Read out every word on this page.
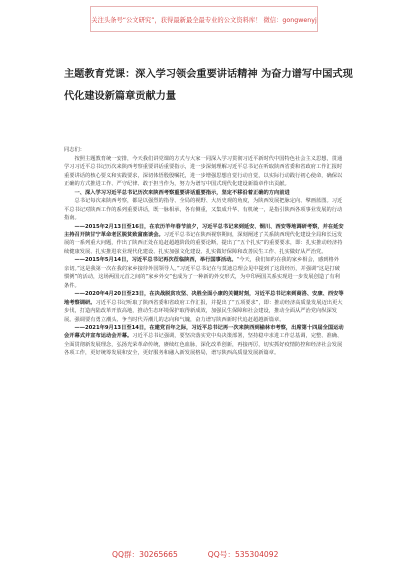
关注头条号“公文研究”，获得最新最全最专业的公文资料库！ 微信：gongwenyj
主题教育党课：深入学习领会重要讲话精神 为奋力谱写中国式现代化建设新篇章贡献力量

同志们：

按照主题教育统一安排，今天我们讲党课的方式与大家一同深入学习贯彻习近平新时代中国特色社会主义思想，贯通学习习近平总书记历次来陕西考察重要讲话重要指示，进一步深刻理解习近平总书记在听取陕西省委和省政府工作汇报时重要讲话的核心要义和实践要求，深切体悟殷殷嘱托，进一步增强思想自觉行动自觉，以实际行动践行初心使命，确保以正确的方式推进工作、严守纪律、敢于担当作为，努力为谱写中国式现代化建设新篇章作出贡献。

一、深入学习习近平总书记历次来陕西考察重要讲话重要指示，坚定不移沿着正确的方向前进

总书记每次来陕西考察，都是以强烈的指导、全局的视野、大历史观的角度，为陕西发展把脉定向、擘画蓝图。习近平总书记对陕西工作的系列重要讲话，既一脉相承，各有侧重，又集成升华、有机统一，是指引陕西各项事业发展的行动指南。

——2015年2月13日至16日，在农历羊年春节前夕，习近平总书记来到延安、铜川、西安等地调研考察，并在延安主持召开陕甘宁革命老区脱贫致富座谈会。习近平总书记在陕西视察期间，深刻阐述了关系陕西现代化建设全局和长远发展的一系列重大问题，作出了陕西正处在追赶超越阶段的重要论断，提出了“五个扎实”的重要要求，即：扎实推动经济持续健康发展、扎实推进农业现代化建设、扎实加强文化建设、扎实做好保障和改善民生工作、扎实做好从严治党。

——2015年5月14日，习近平总书记再次莅临陕西，举行国事活动。“今天，我们如约在我的家乡相会，感到格外亲切。”这是我第一次在我的家乡接待外国领导人。”习近平总书记在与莫迪总理会见中提到了这段经历，并强调“这是打破惯例”的活动，这场两国元首之间的“家乡外交”也成为了一种新的外交形式，为中印两国关系实现进一步发展创造了有利条件。

——2020年4月20日至23日，在决战脱贫攻坚、决胜全面小康的关键时刻，习近平总书记来到商洛、安康、西安等地考察调研。习近平总书记听取了陕西省委和省政府工作汇报，并提出了“五项要求”，即：推动经济高质量发展迈出更大步伐，打造内陆改革开放高地，推动生态环境保护取得新成效，加强民生保障和社会建设，推动全面从严治党向纵深发展。强调要有勇立潮头、争当时代弄潮儿的志向和气魄，奋力谱写陕西新时代追赶超越新篇章。

——2021年9月13日至14日，在建党百年之际，习近平总书记再一次来陕西到榆林市考察，出席第十四届全国运动会开幕式并宣布运动会开幕。习近平总书记强调，要坚决落实党中央决策部署，坚持稳中求进工作总基调，完整、准确、全面贯彻新发展理念，弘扬光荣革命传统，赓续红色血脉，深化改革创新，再接再厉，切实抓好疫情防控和经济社会发展各项工作，更好统筹发展和安全，更好服务和融入新发展格局，谱写陕西高质量发展新篇章。

QQ群：30265665	QQ号：535304092
